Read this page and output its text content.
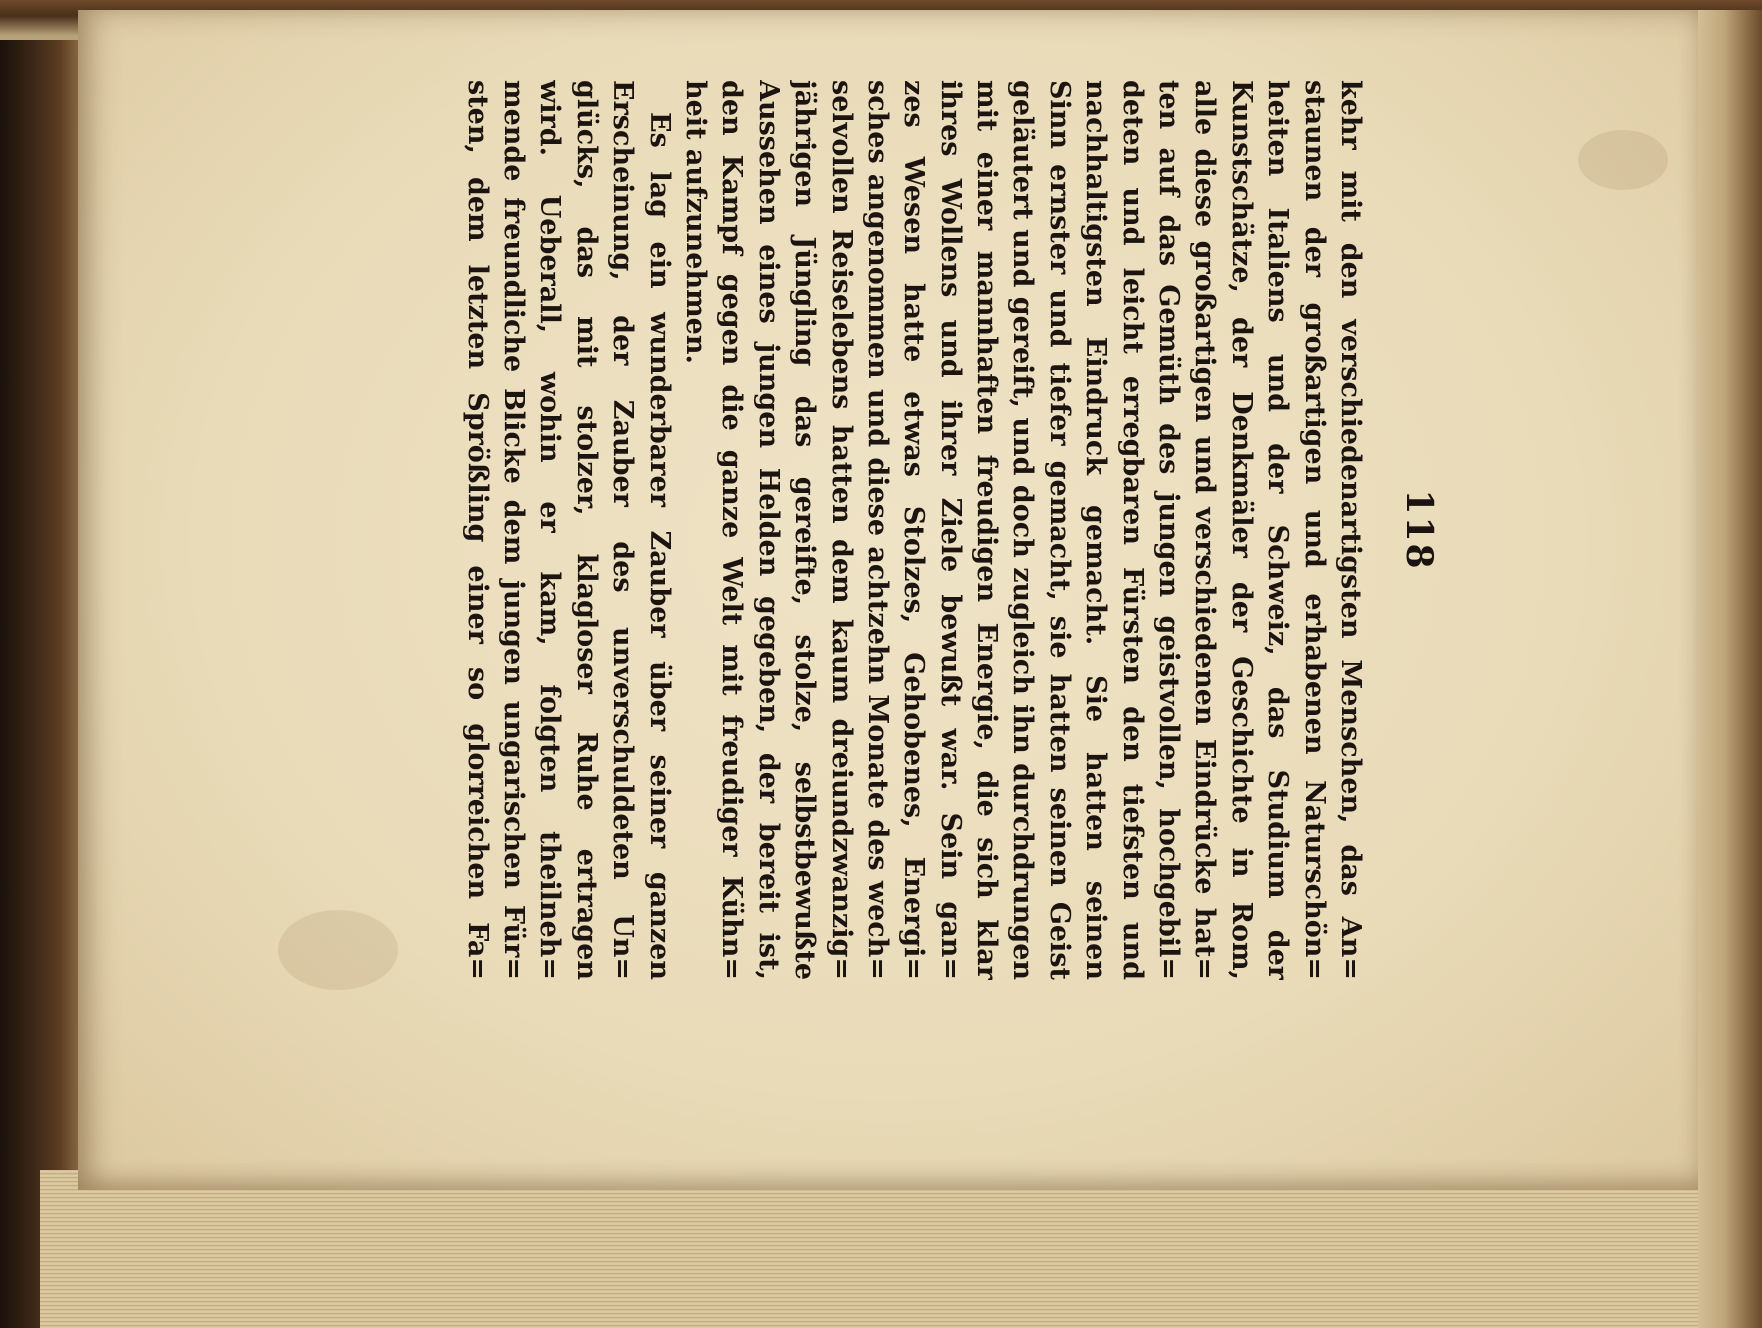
118
kehr mit den verschiedenartigsten Menschen, das An=
staunen der großartigen und erhabenen Naturschön=
heiten Italiens und der Schweiz, das Studium der
Kunstschätze, der Denkmäler der Geschichte in Rom,
alle diese großartigen und verschiedenen Eindrücke hat=
ten auf das Gemüth des jungen geistvollen, hochgebil=
deten und leicht erregbaren Fürsten den tiefsten und
nachhaltigsten Eindruck gemacht. Sie hatten seinen
Sinn ernster und tiefer gemacht, sie hatten seinen Geist
geläutert und gereift, und doch zugleich ihn durchdrungen
mit einer mannhaften freudigen Energie, die sich klar
ihres Wollens und ihrer Ziele bewußt war. Sein gan=
zes Wesen hatte etwas Stolzes, Gehobenes, Energi=
sches angenommen und diese achtzehn Monate des wech=
selvollen Reiselebens hatten dem kaum dreiundzwanzig=
jährigen Jüngling das gereifte, stolze, selbstbewußte
Aussehen eines jungen Helden gegeben, der bereit ist,
den Kampf gegen die ganze Welt mit freudiger Kühn=
heit aufzunehmen.
Es lag ein wunderbarer Zauber über seiner ganzen
Erscheinung, der Zauber des unverschuldeten Un=
glücks, das mit stolzer, klagloser Ruhe ertragen
wird. Ueberall, wohin er kam, folgten theilneh=
mende freundliche Blicke dem jungen ungarischen Für=
sten, dem letzten Sprößling einer so glorreichen Fa=
